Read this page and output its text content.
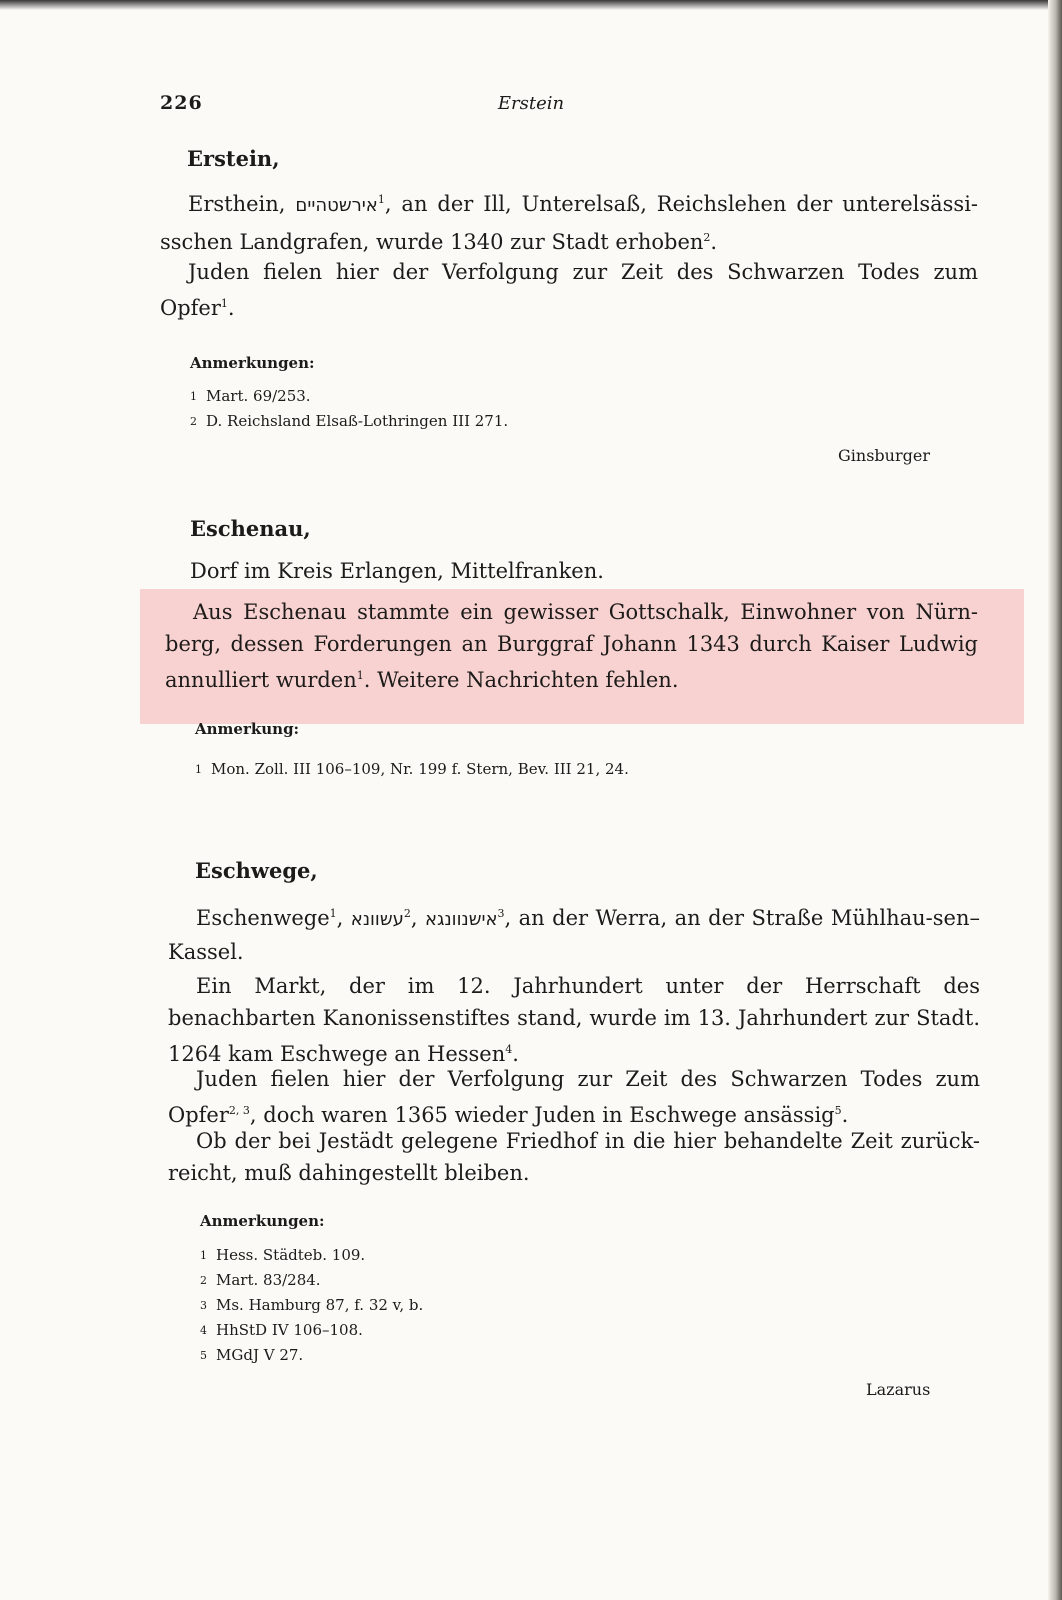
226	Erstein
Erstein,
Ersthein, אירשטהיים$^1$, an der Ill, Unterelsaß, Reichslehen der unterelsässi-sschen Landgrafen, wurde 1340 zur Stadt erhoben$^2$.
Juden fielen hier der Verfolgung zur Zeit des Schwarzen Todes zum Opfer$^1$.
Anmerkungen:
1 Mart. 69/253.
2 D. Reichsland Elsaß-Lothringen III 271.
Ginsburger
Eschenau,
Dorf im Kreis Erlangen, Mittelfranken.
Aus Eschenau stammte ein gewisser Gottschalk, Einwohner von Nürn-berg, dessen Forderungen an Burggraf Johann 1343 durch Kaiser Ludwig annulliert wurden$^1$. Weitere Nachrichten fehlen.
Anmerkung:
1 Mon. Zoll. III 106–109, Nr. 199 f. Stern, Bev. III 21, 24.
Eschwege,
Eschenwege$^1$, עשוונא$^2$, אישנוונגא$^3$, an der Werra, an der Straße Mühlhau-sen–Kassel.
Ein Markt, der im 12. Jahrhundert unter der Herrschaft des benachbarten Kanonissenstiftes stand, wurde im 13. Jahrhundert zur Stadt. 1264 kam Eschwege an Hessen$^4$.
Juden fielen hier der Verfolgung zur Zeit des Schwarzen Todes zum Opfer$^{2, 3}$, doch waren 1365 wieder Juden in Eschwege ansässig$^5$.
Ob der bei Jestädt gelegene Friedhof in die hier behandelte Zeit zurück-reicht, muß dahingestellt bleiben.
Anmerkungen:
1 Hess. Städteb. 109.
2 Mart. 83/284.
3 Ms. Hamburg 87, f. 32 v, b.
4 HhStD IV 106–108.
5 MGdJ V 27.
Lazarus
